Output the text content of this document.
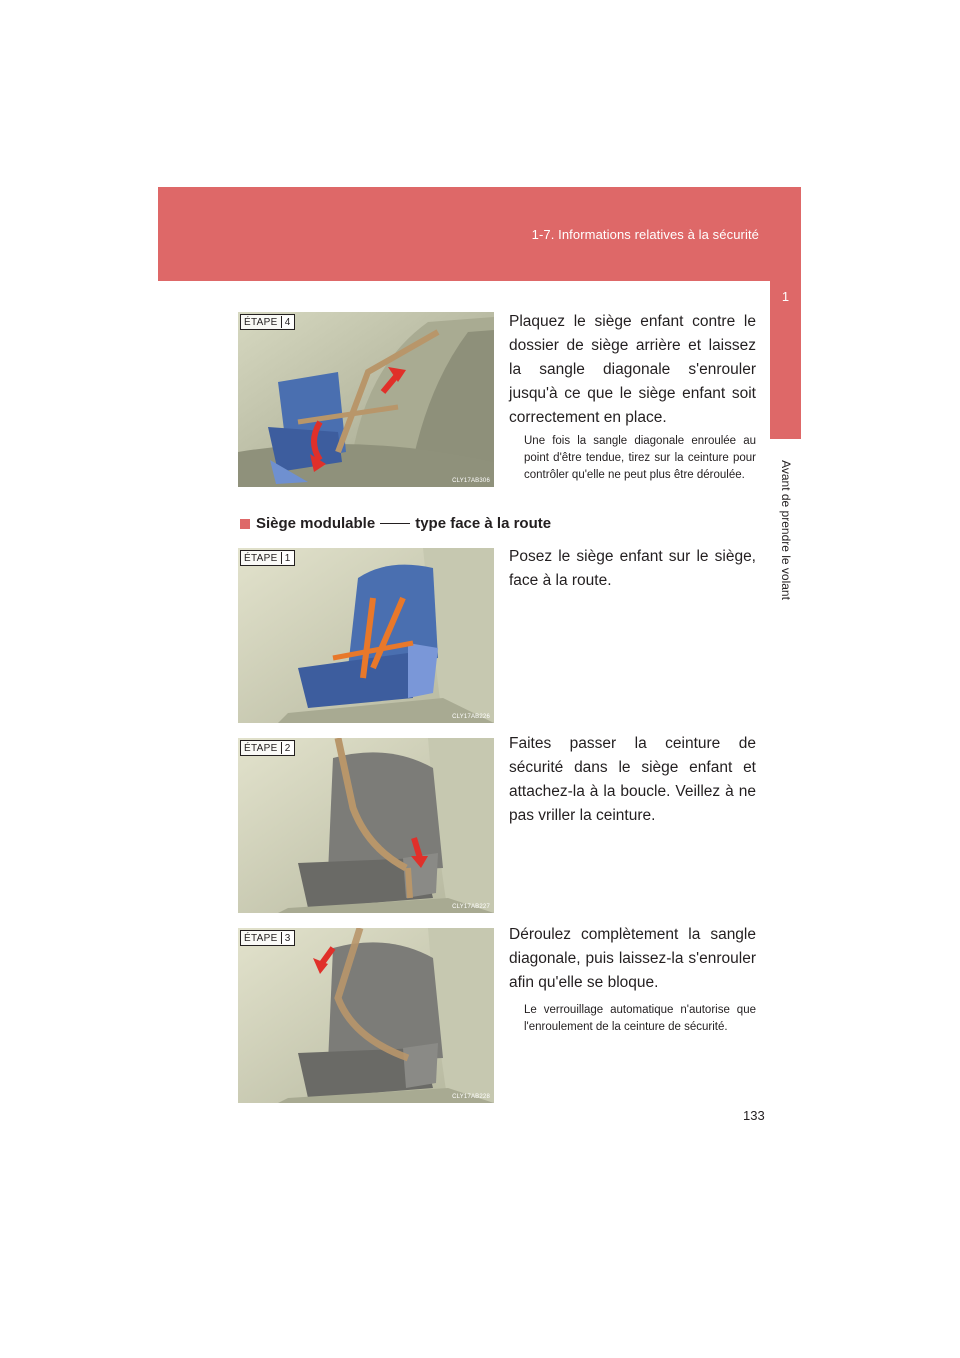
1-7. Informations relatives à la sécurité
1
Avant de prendre le volant
ÉTAPE 4
CLY17AB306
Plaquez le siège enfant contre le dossier de siège arrière et laissez la sangle diagonale s'enrouler jusqu'à ce que le siège enfant soit correctement en place.
Une fois la sangle diagonale enroulée au point d'être tendue, tirez sur la ceinture pour contrôler qu'elle ne peut plus être déroulée.
Siège modulable	type face à la route
ÉTAPE 1
CLY17AB226
Posez le siège enfant sur le siège, face à la route.
ÉTAPE 2
CLY17AB227
Faites passer la ceinture de sécurité dans le siège enfant et attachez-la à la boucle. Veillez à ne pas vriller la ceinture.
ÉTAPE 3
CLY17AB228
Déroulez complètement la sangle diagonale, puis laissez-la s'enrouler afin qu'elle se bloque.
Le verrouillage automatique n'autorise que l'enroulement de la ceinture de sécurité.
133
